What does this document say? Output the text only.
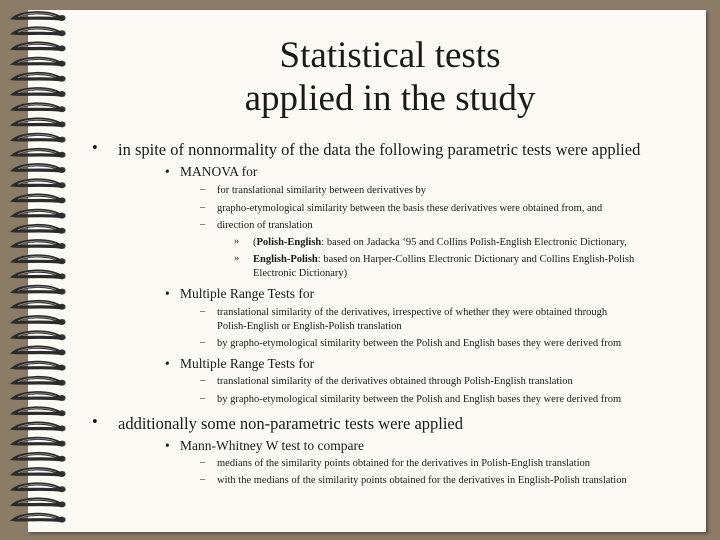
Statistical tests
applied in the study
• in spite of nonnormality of the data the following parametric tests were applied
• MANOVA for
– for translational similarity between derivatives by
– grapho-etymological similarity between the basis these derivatives were obtained from, and
– direction of translation
» (Polish-English: based on Jadacka ‘95 and Collins Polish-English Electronic Dictionary,
» English-Polish: based on Harper-Collins Electronic Dictionary and Collins English-Polish
Electronic Dictionary)
• Multiple Range Tests for
– translational similarity of the derivatives, irrespective of whether they were obtained through
Polish-English or English-Polish translation
– by grapho-etymological similarity between the Polish and English bases they were derived from
• Multiple Range Tests for
– translational similarity of the derivatives obtained through Polish-English translation
– by grapho-etymological similarity between the Polish and English bases they were derived from
• additionally some non-parametric tests were applied
• Mann-Whitney W test to compare
– medians of the similarity points obtained for the derivatives in Polish-English translation
– with the medians of the similarity points obtained for the derivatives in English-Polish translation
